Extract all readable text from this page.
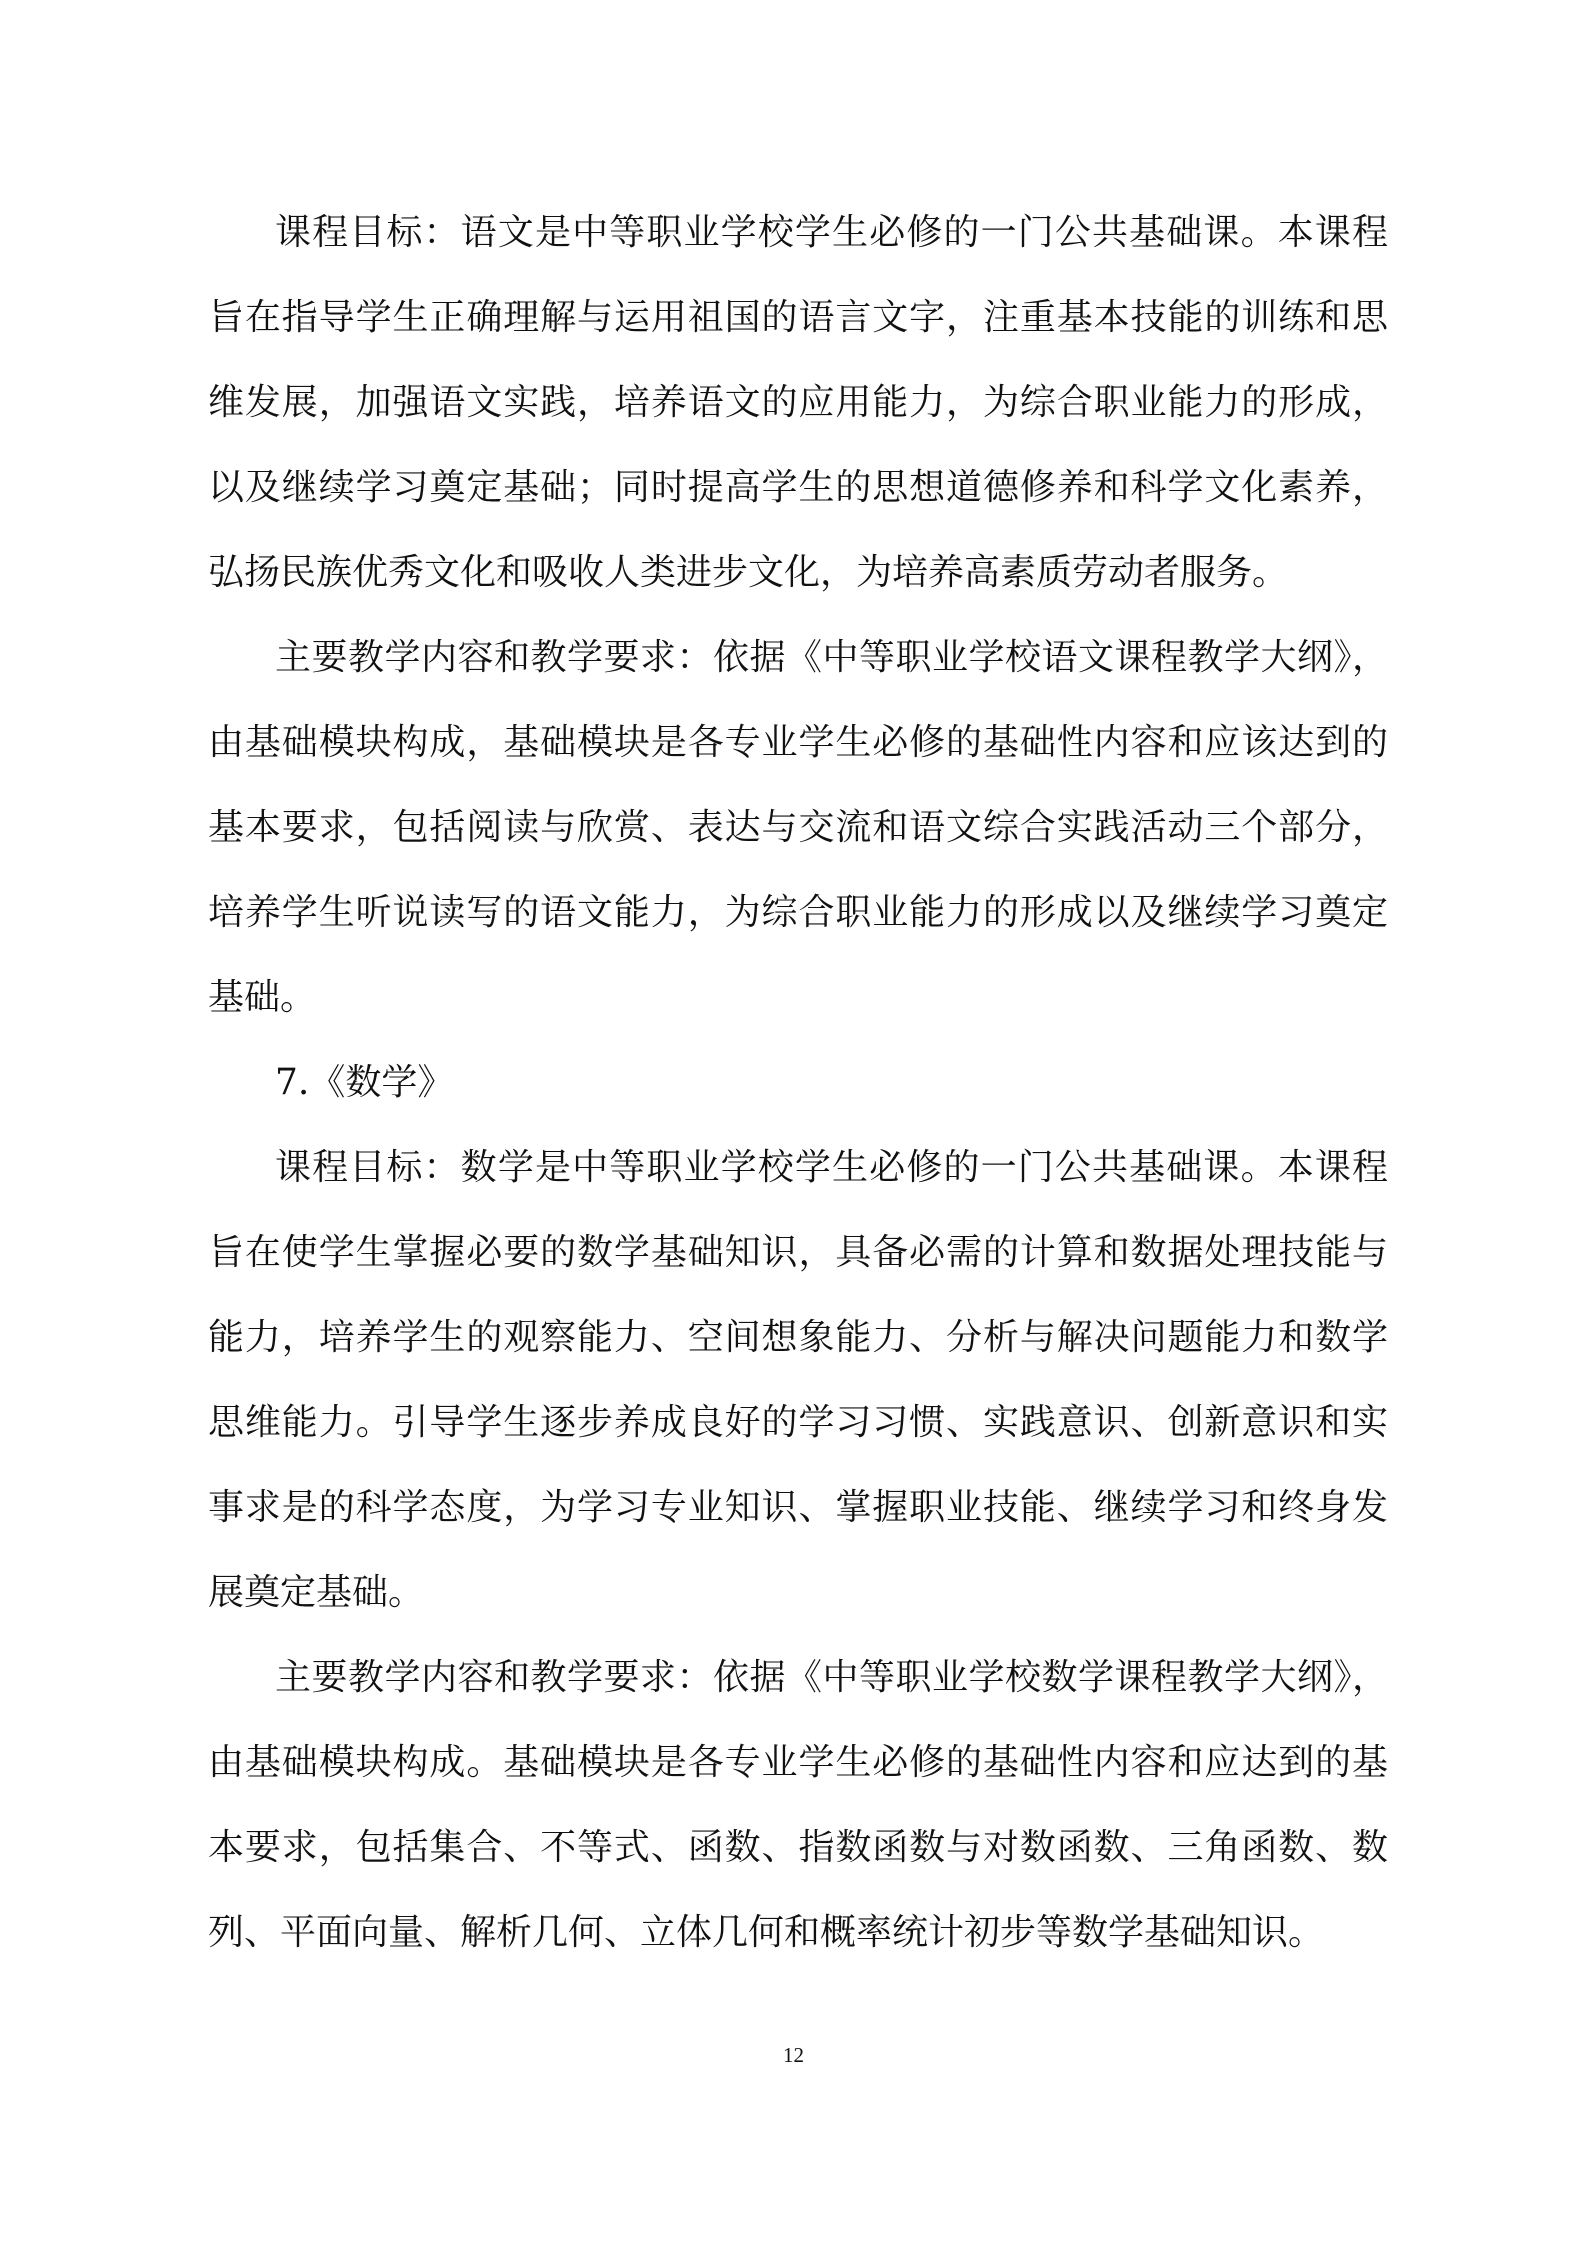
课程目标：语文是中等职业学校学生必修的一门公共基础课。本课程
旨在指导学生正确理解与运用祖国的语言文字，注重基本技能的训练和思
维发展，加强语文实践，培养语文的应用能力，为综合职业能力的形成，
以及继续学习奠定基础；同时提高学生的思想道德修养和科学文化素养，
弘扬民族优秀文化和吸收人类进步文化，为培养高素质劳动者服务。
主要教学内容和教学要求：依据《中等职业学校语文课程教学大纲》，
由基础模块构成，基础模块是各专业学生必修的基础性内容和应该达到的
基本要求，包括阅读与欣赏、表达与交流和语文综合实践活动三个部分，
培养学生听说读写的语文能力，为综合职业能力的形成以及继续学习奠定
基础。
7.《数学》
课程目标：数学是中等职业学校学生必修的一门公共基础课。本课程
旨在使学生掌握必要的数学基础知识，具备必需的计算和数据处理技能与
能力，培养学生的观察能力、空间想象能力、分析与解决问题能力和数学
思维能力。引导学生逐步养成良好的学习习惯、实践意识、创新意识和实
事求是的科学态度，为学习专业知识、掌握职业技能、继续学习和终身发
展奠定基础。
主要教学内容和教学要求：依据《中等职业学校数学课程教学大纲》，
由基础模块构成。基础模块是各专业学生必修的基础性内容和应达到的基
本要求，包括集合、不等式、函数、指数函数与对数函数、三角函数、数
列、平面向量、解析几何、立体几何和概率统计初步等数学基础知识。
12
